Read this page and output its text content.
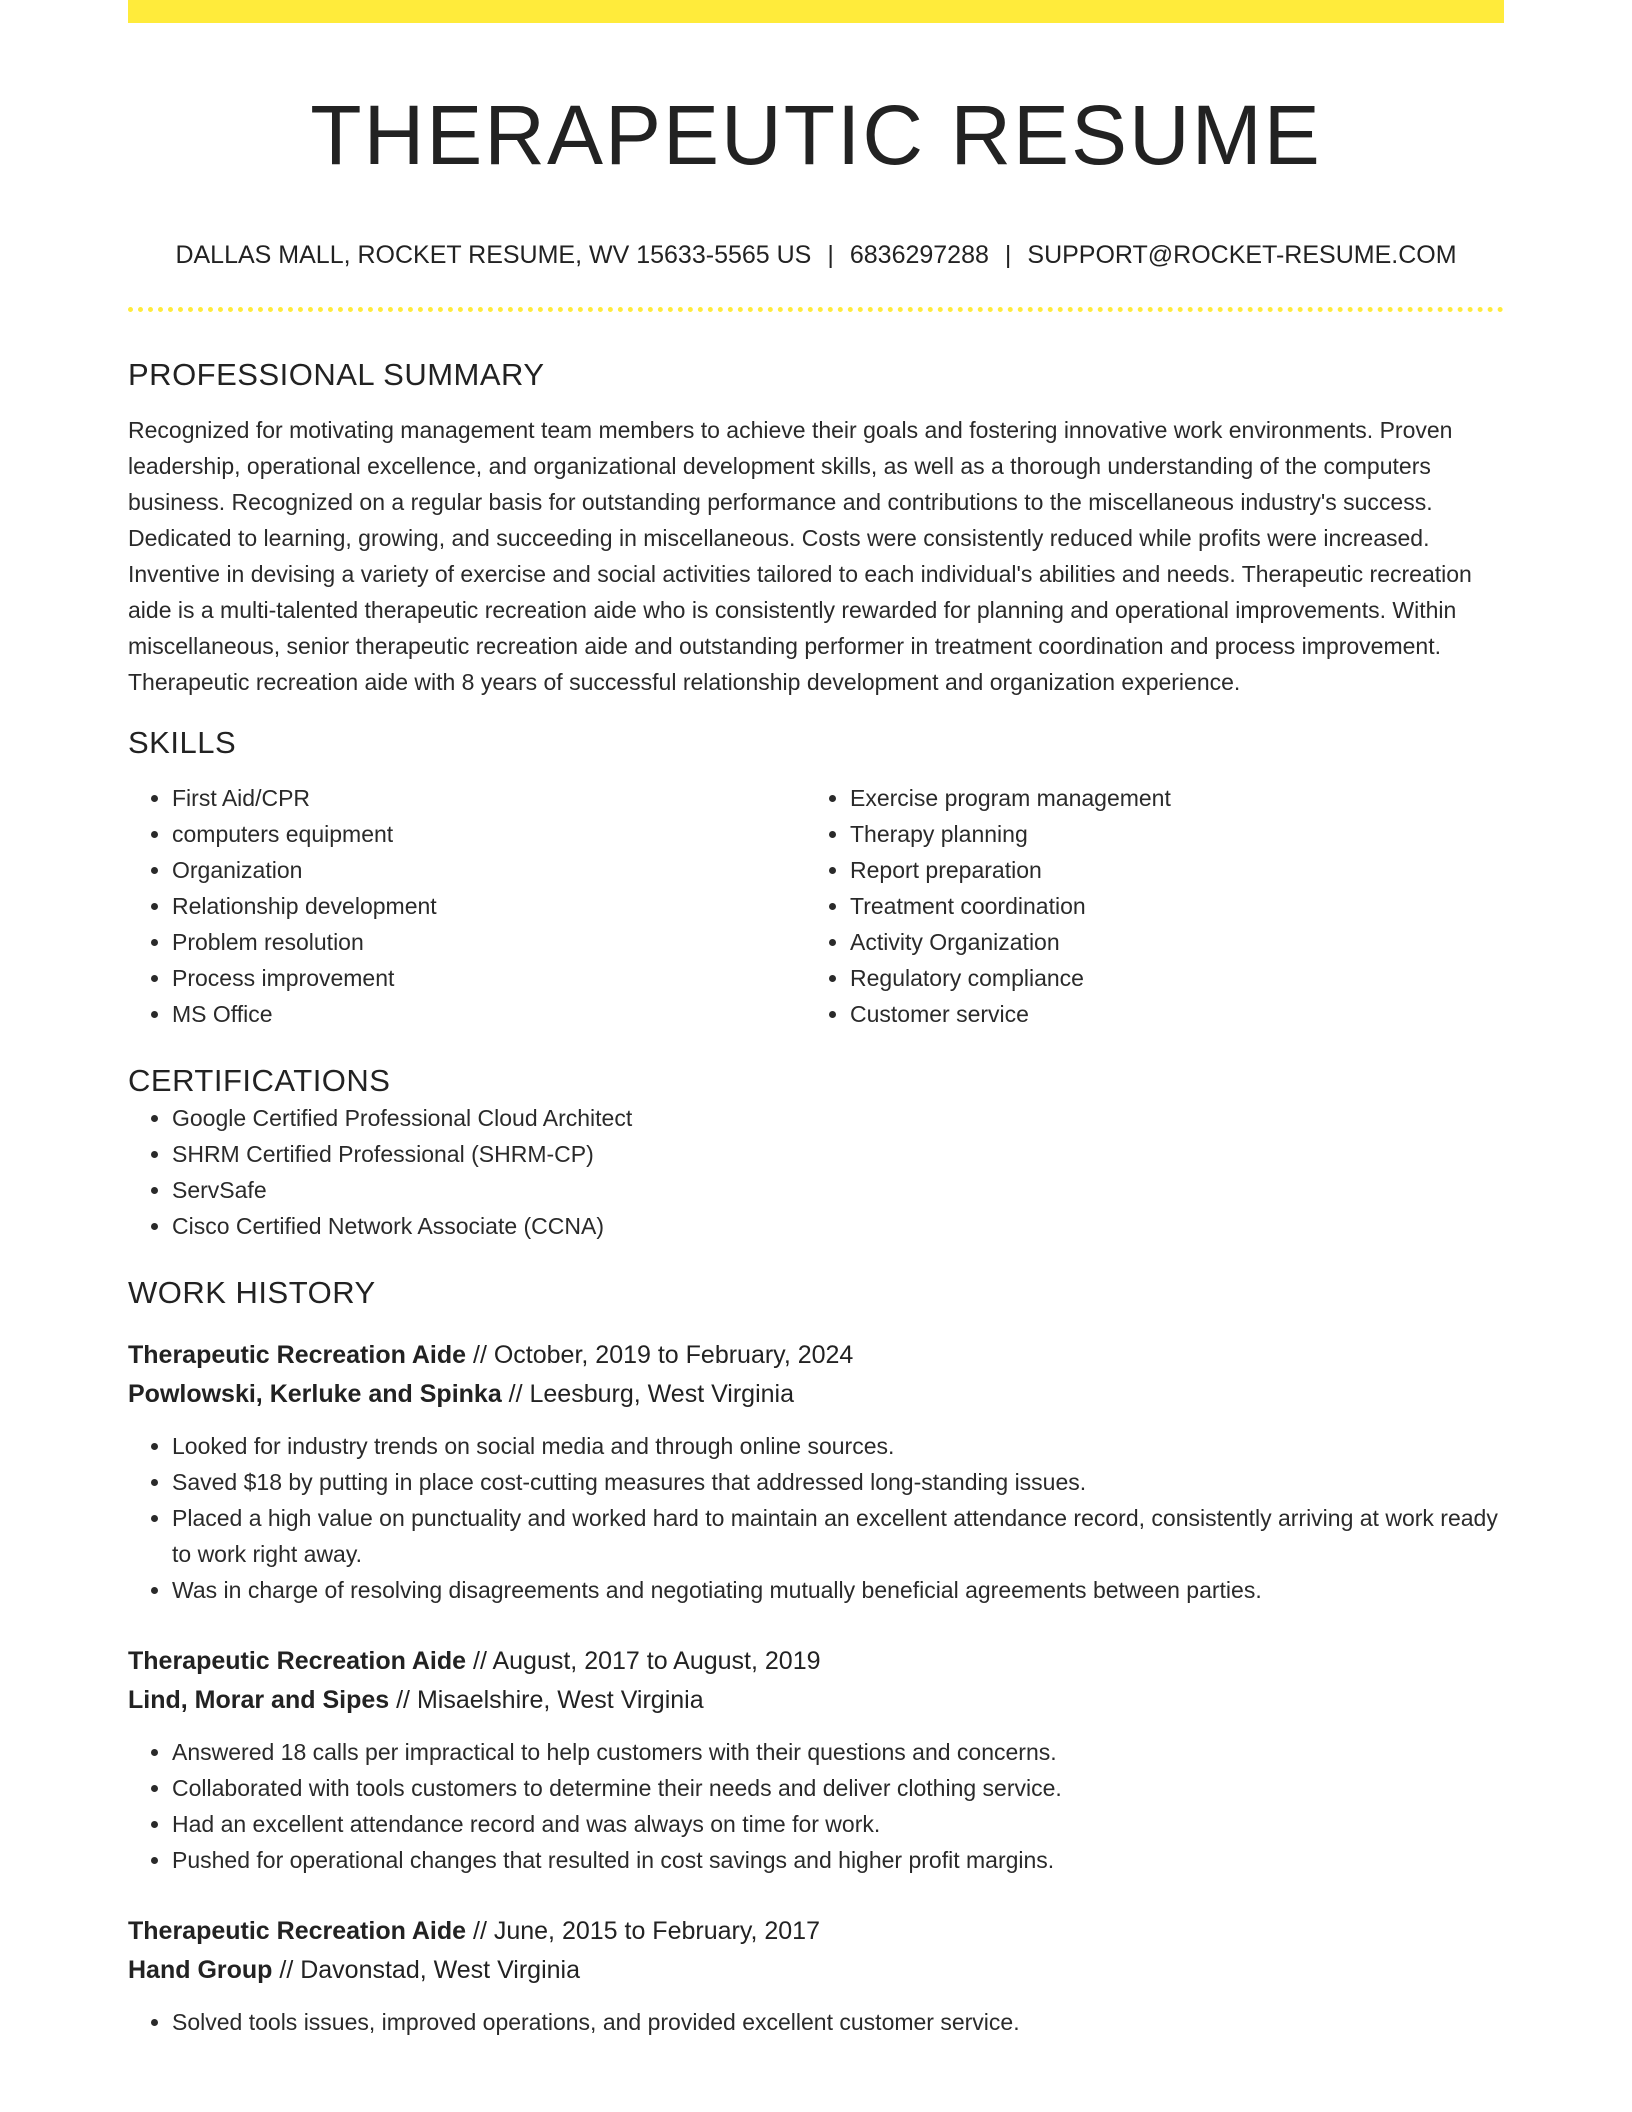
THERAPEUTIC RESUME
DALLAS MALL, ROCKET RESUME, WV 15633-5565 US | 6836297288 | SUPPORT@ROCKET-RESUME.COM
PROFESSIONAL SUMMARY

Recognized for motivating management team members to achieve their goals and fostering innovative work environments. Proven leadership, operational excellence, and organizational development skills, as well as a thorough understanding of the computers business. Recognized on a regular basis for outstanding performance and contributions to the miscellaneous industry's success. Dedicated to learning, growing, and succeeding in miscellaneous. Costs were consistently reduced while profits were increased. Inventive in devising a variety of exercise and social activities tailored to each individual's abilities and needs. Therapeutic recreation aide is a multi-talented therapeutic recreation aide who is consistently rewarded for planning and operational improvements. Within miscellaneous, senior therapeutic recreation aide and outstanding performer in treatment coordination and process improvement. Therapeutic recreation aide with 8 years of successful relationship development and organization experience.

SKILLS
• First Aid/CPR
• computers equipment
• Organization
• Relationship development
• Problem resolution
• Process improvement
• MS Office
• Exercise program management
• Therapy planning
• Report preparation
• Treatment coordination
• Activity Organization
• Regulatory compliance
• Customer service
CERTIFICATIONS
• Google Certified Professional Cloud Architect
• SHRM Certified Professional (SHRM-CP)
• ServSafe
• Cisco Certified Network Associate (CCNA)
WORK HISTORY
Therapeutic Recreation Aide // October, 2019 to February, 2024
Powlowski, Kerluke and Spinka // Leesburg, West Virginia
• Looked for industry trends on social media and through online sources.
• Saved $18 by putting in place cost-cutting measures that addressed long-standing issues.
• Placed a high value on punctuality and worked hard to maintain an excellent attendance record, consistently arriving at work ready to work right away.
• Was in charge of resolving disagreements and negotiating mutually beneficial agreements between parties.
Therapeutic Recreation Aide // August, 2017 to August, 2019
Lind, Morar and Sipes // Misaelshire, West Virginia
• Answered 18 calls per impractical to help customers with their questions and concerns.
• Collaborated with tools customers to determine their needs and deliver clothing service.
• Had an excellent attendance record and was always on time for work.
• Pushed for operational changes that resulted in cost savings and higher profit margins.
Therapeutic Recreation Aide // June, 2015 to February, 2017
Hand Group // Davonstad, West Virginia
• Solved tools issues, improved operations, and provided excellent customer service.
